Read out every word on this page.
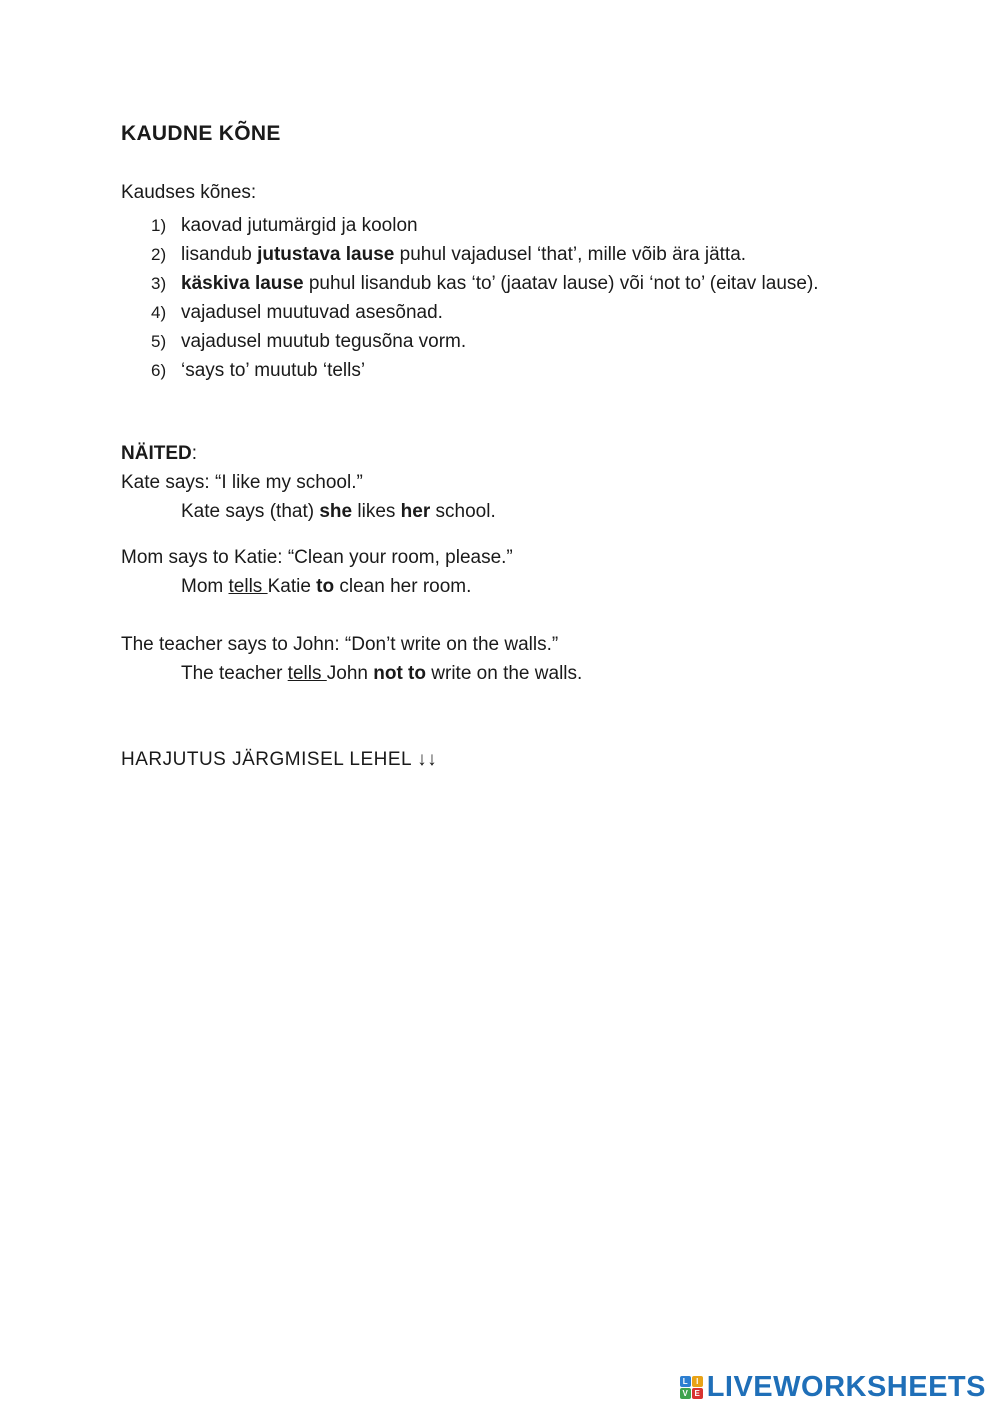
KAUDNE KÕNE
Kaudses kõnes:
1) kaovad jutumärgid ja koolon
2) lisandub jutustava lause puhul vajadusel ‘that’, mille võib ära jätta.
3) käskiva lause puhul lisandub kas ‘to’ (jaatav lause) või ‘not to’ (eitav lause).
4) vajadusel muutuvad asesõnad.
5) vajadusel muutub tegusõna vorm.
6) ‘says to’ muutub ‘tells’
NÄITED:
Kate says: “I like my school.”
Kate says (that) she likes her school.
Mom says to Katie: “Clean your room, please.”
Mom tells Katie to clean her room.
The teacher says to John: “Don’t write on the walls.”
The teacher tells John not to write on the walls.
HARJUTUS JÄRGMISEL LEHEL ↓↓
L	I
V E LIVEWORKSHEETS
